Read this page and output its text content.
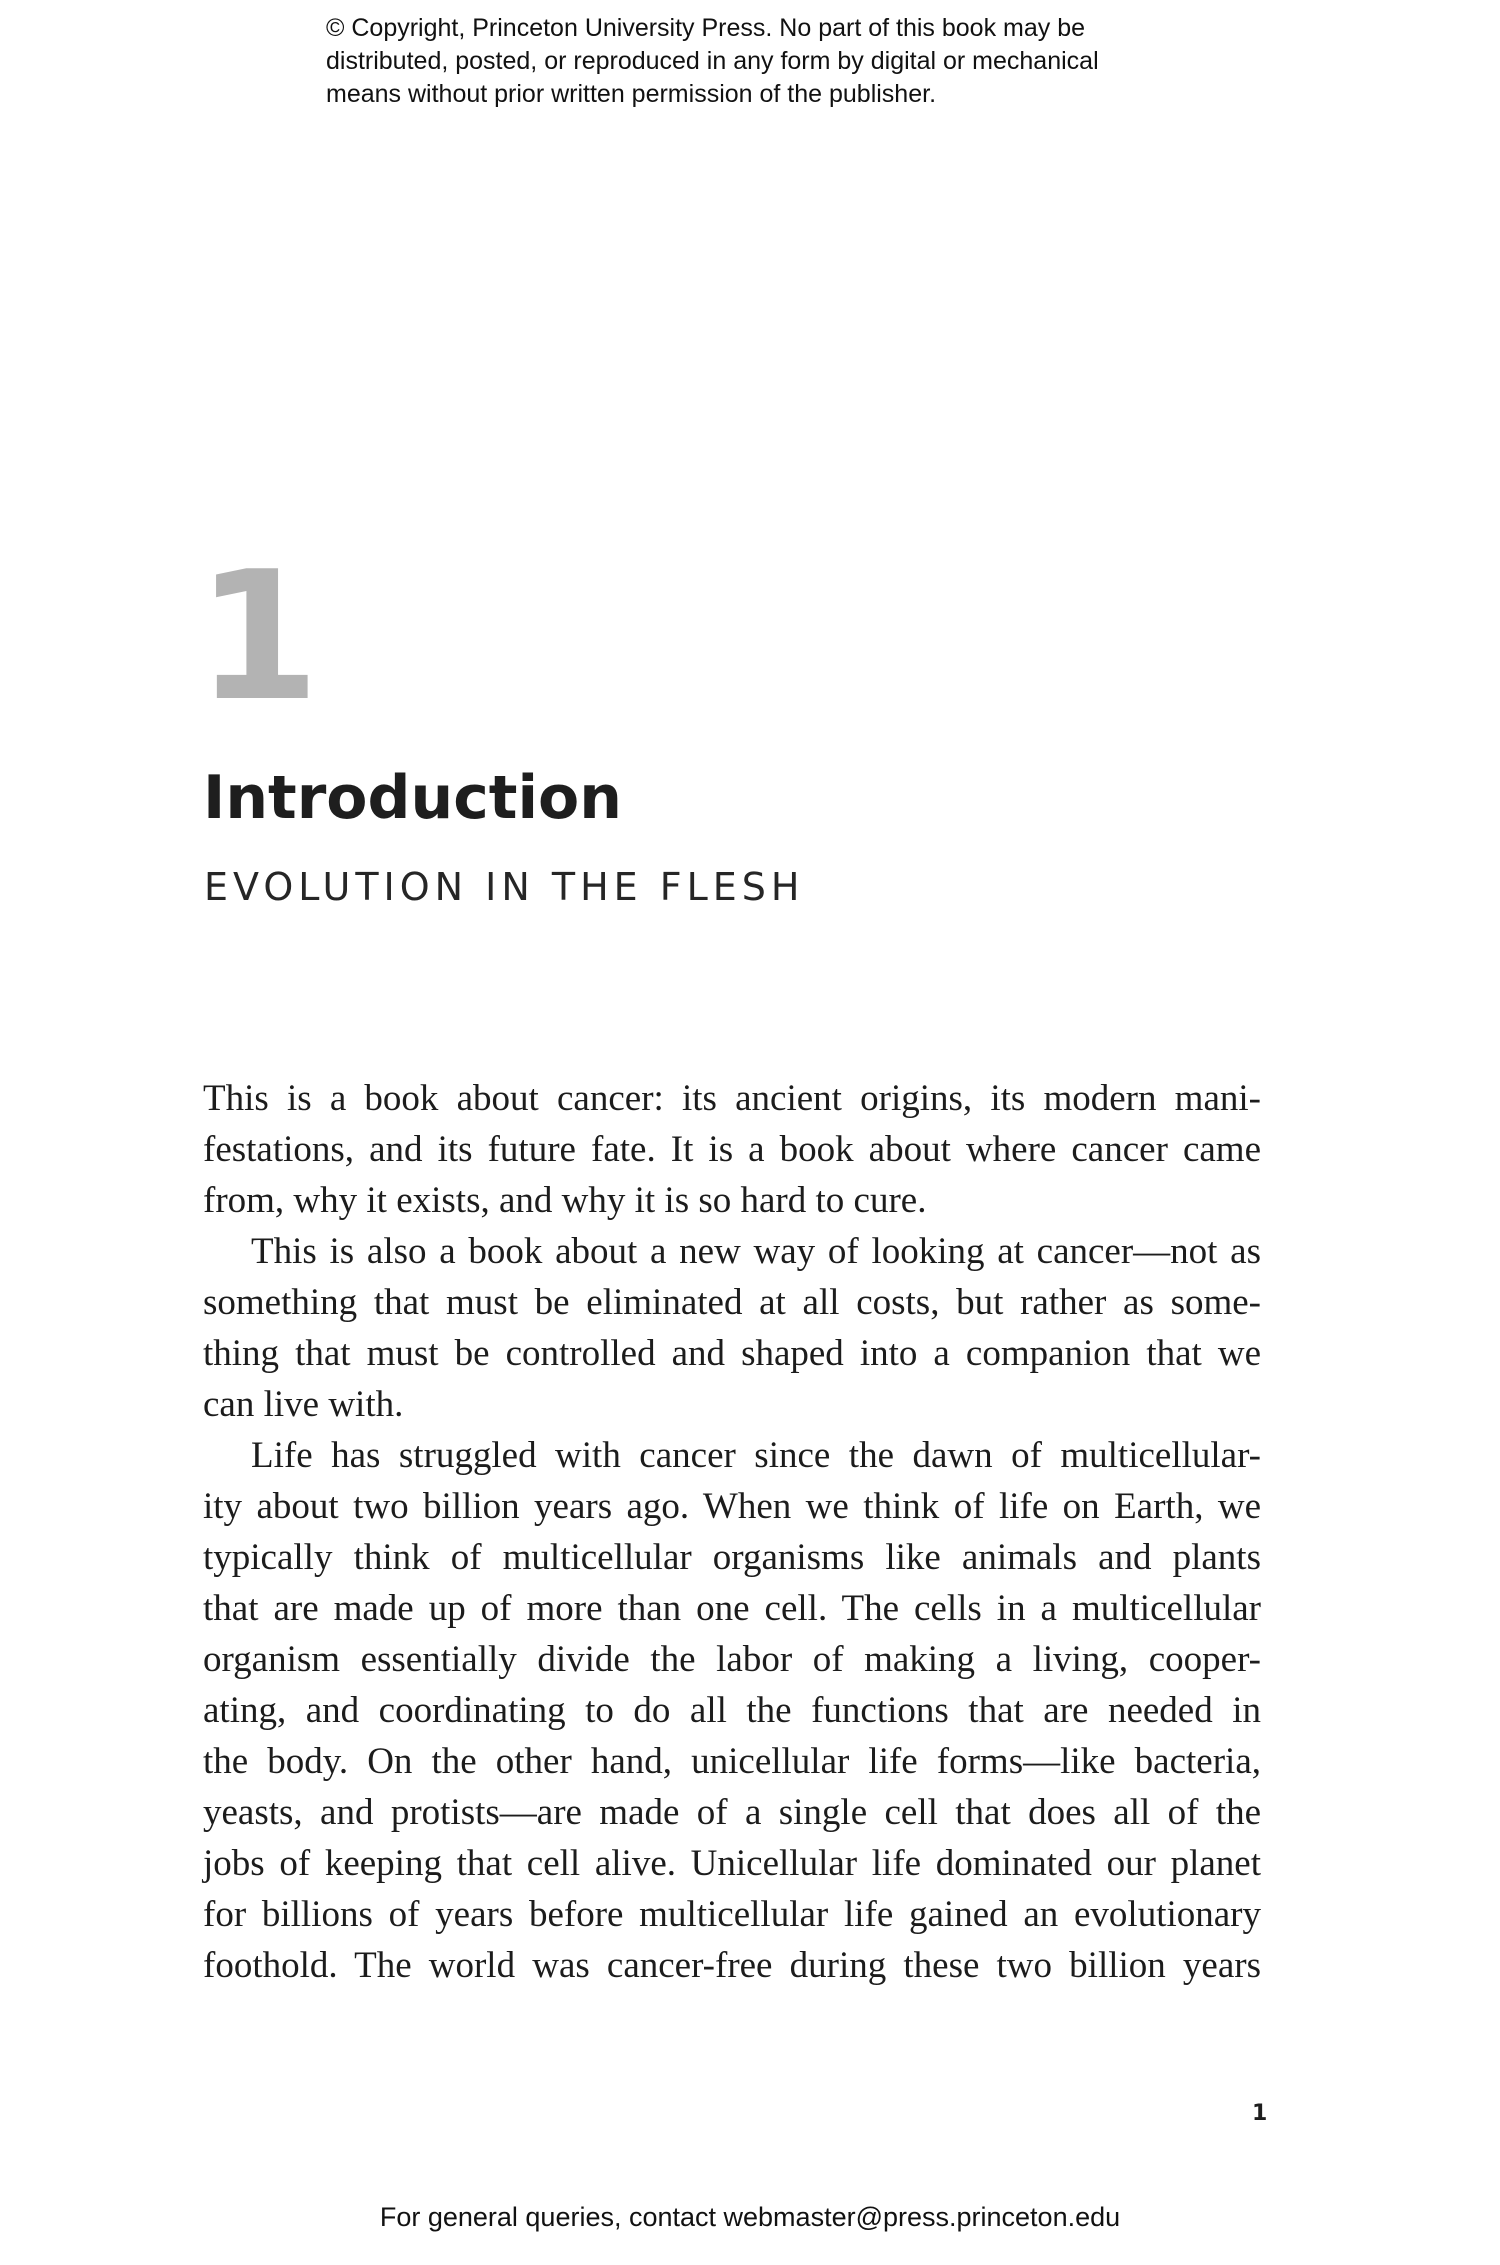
© Copyright, Princeton University Press. No part of this book may be
distributed, posted, or reproduced in any form by digital or mechanical
means without prior written permission of the publisher.
1
Introduction
EVOLUTION IN THE FLESH
This is a book about cancer: its ancient origins, its modern mani-
festations, and its future fate. It is a book about where cancer came
from, why it exists, and why it is so hard to cure.
This is also a book about a new way of looking at cancer—not as
something that must be eliminated at all costs, but rather as some-
thing that must be controlled and shaped into a companion that we
can live with.
Life has struggled with cancer since the dawn of multicellular-
ity about two billion years ago. When we think of life on Earth, we
typically think of multicellular organisms like animals and plants
that are made up of more than one cell. The cells in a multicellular
organism essentially divide the labor of making a living, cooper-
ating, and coordinating to do all the functions that are needed in
the body. On the other hand, unicellular life forms—like bacteria,
yeasts, and protists—are made of a single cell that does all of the
jobs of keeping that cell alive. Unicellular life dominated our planet
for billions of years before multicellular life gained an evolutionary
foothold. The world was cancer-free during these two billion years
1
For general queries, contact webmaster@press.princeton.edu
